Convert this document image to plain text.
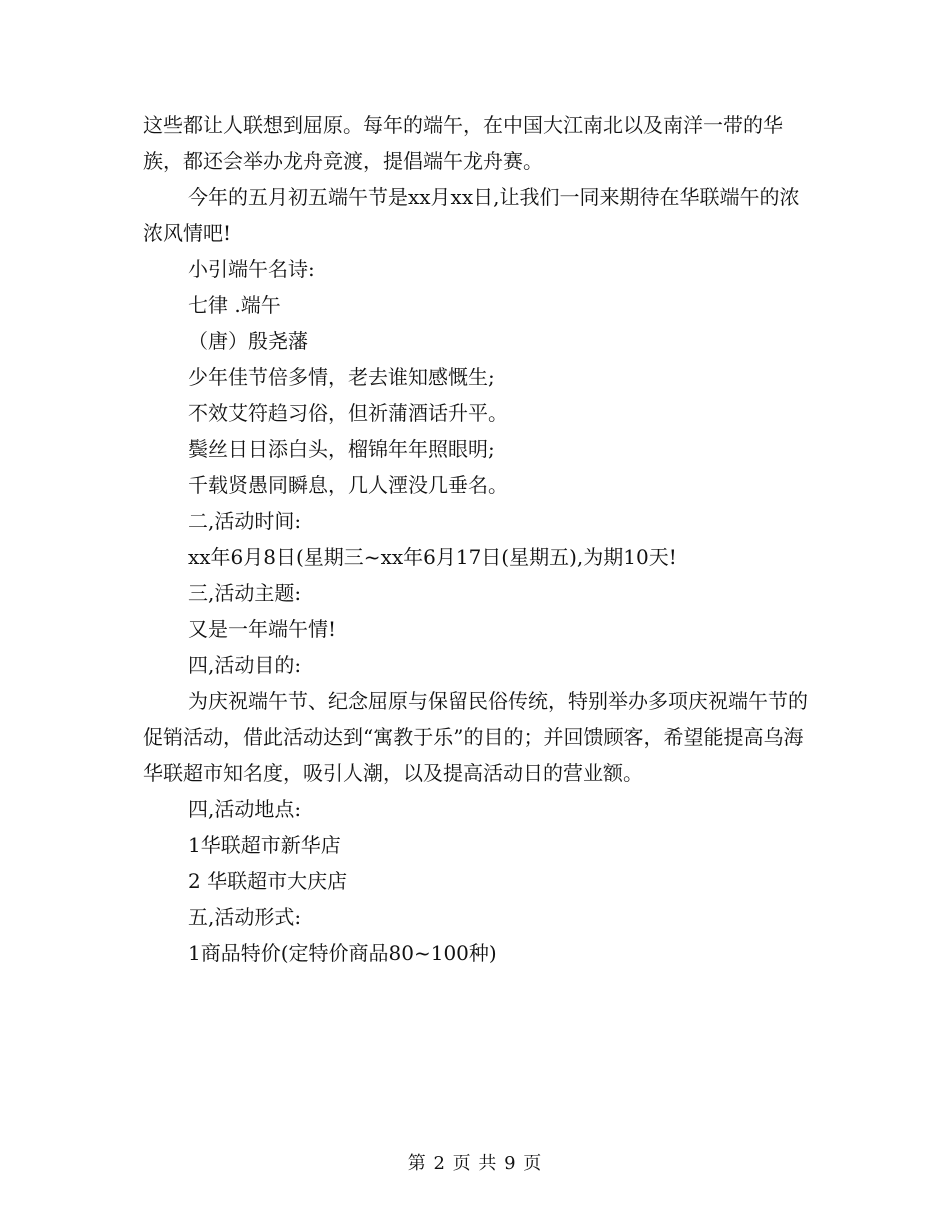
这些都让人联想到屈原。每年的端午，在中国大江南北以及南洋一带的华族，都还会举办龙舟竞渡，提倡端午龙舟赛。

今年的五月初五端午节是xx月xx日,让我们一同来期待在华联端午的浓浓风情吧!

小引端午名诗:

七律 .端午

（唐）殷尧藩

少年佳节倍多情，老去谁知感慨生;

不效艾符趋习俗，但祈蒲酒话升平。

鬓丝日日添白头，榴锦年年照眼明;

千载贤愚同瞬息，几人湮没几垂名。

二,活动时间:

xx年6月8日(星期三~xx年6月17日(星期五),为期10天!

三,活动主题:

又是一年端午情!

四,活动目的:

为庆祝端午节、纪念屈原与保留民俗传统，特别举办多项庆祝端午节的促销活动，借此活动达到“寓教于乐”的目的；并回馈顾客，希望能提高乌海华联超市知名度，吸引人潮，以及提高活动日的营业额。

四,活动地点:

1华联超市新华店

2 华联超市大庆店

五,活动形式:

1商品特价(定特价商品80~100种)

第 2 页 共 9 页
